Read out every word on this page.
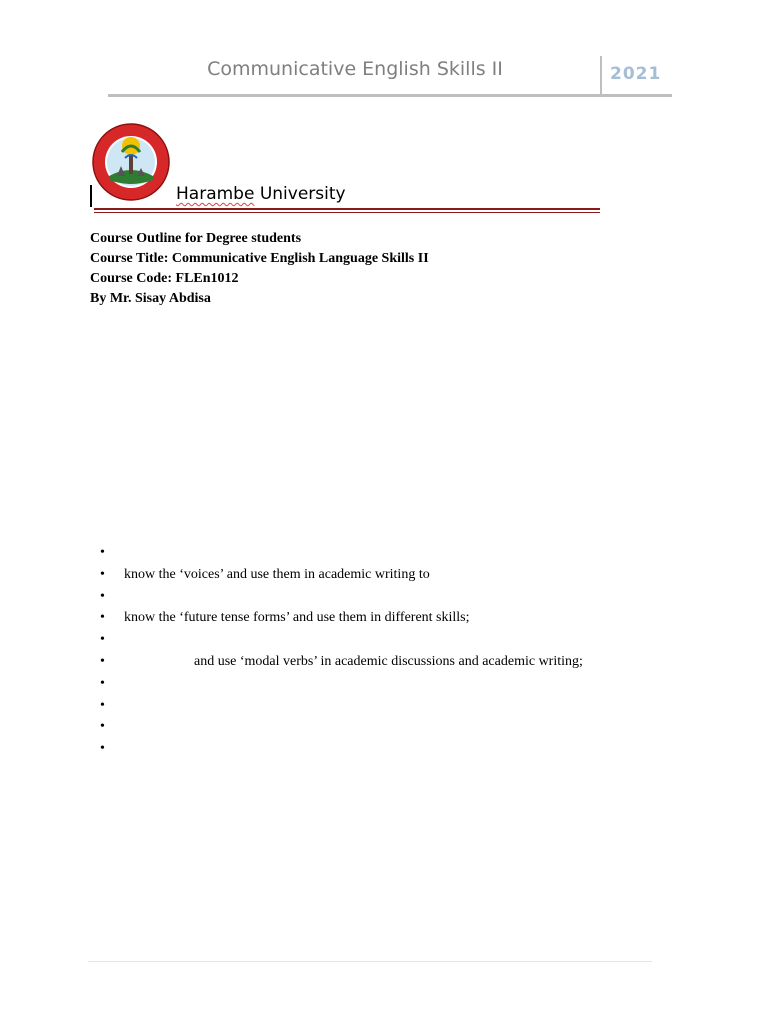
Communicative English Skills II	2021
Harambe University
Course Outline for Degree students
Course Title: Communicative English Language Skills II
Course Code: FLEn1012
By Mr. Sisay Abdisa
•
• know the ‘voices’ and use them in academic writing to
•
• know the ‘future tense forms’ and use them in different skills;
•
• and use ‘modal verbs’ in academic discussions and academic writing;
•
•
•
•
